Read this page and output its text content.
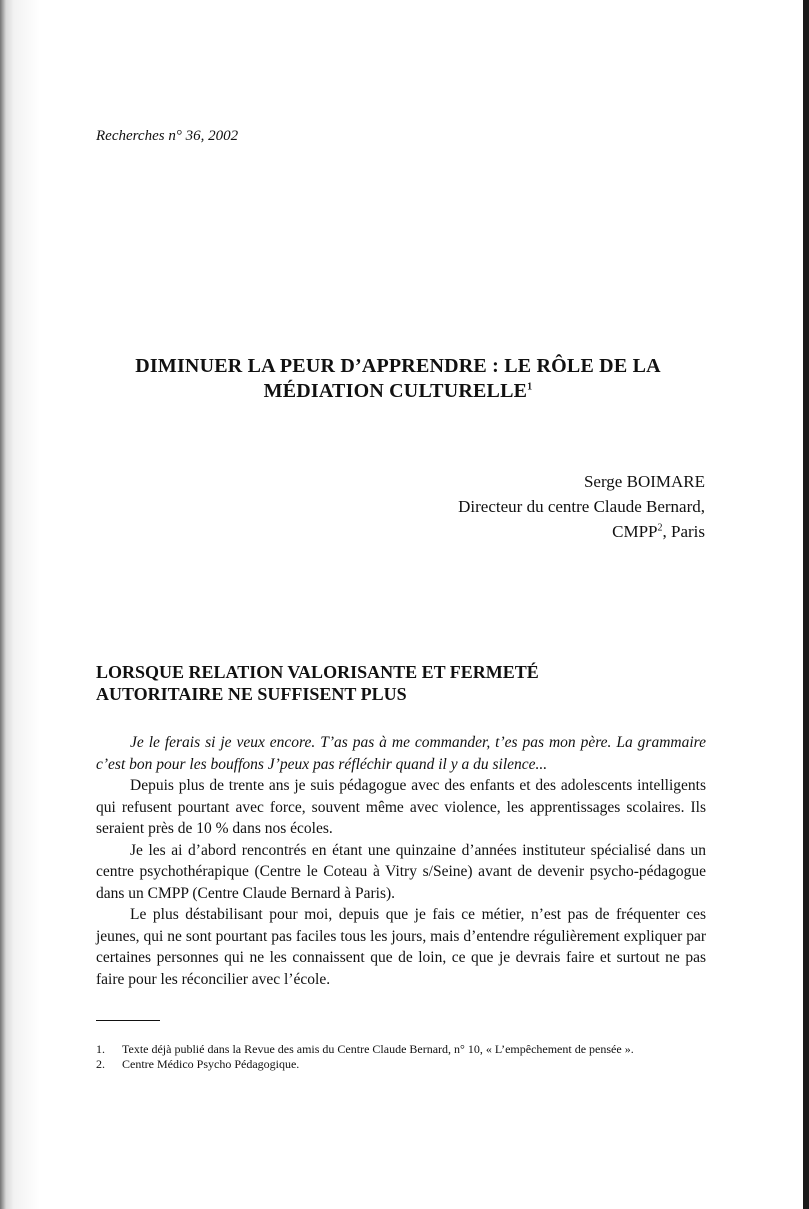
Recherches n° 36, 2002
DIMINUER LA PEUR D’APPRENDRE : LE RÔLE DE LA
MÉDIATION CULTURELLE$^1$
Serge BOIMARE
Directeur du centre Claude Bernard,
CMPP$^2$, Paris
LORSQUE RELATION VALORISANTE ET FERMETÉ
AUTORITAIRE NE SUFFISENT PLUS

Je le ferais si je veux encore. T’as pas à me commander, t’es pas mon père. La grammaire c’est bon pour les bouffons J’peux pas réfléchir quand il y a du silence...

Depuis plus de trente ans je suis pédagogue avec des enfants et des adolescents intelligents qui refusent pourtant avec force, souvent même avec violence, les apprentissages scolaires. Ils seraient près de 10 % dans nos écoles.

Je les ai d’abord rencontrés en étant une quinzaine d’années instituteur spécialisé dans un centre psychothérapique (Centre le Coteau à Vitry s/Seine) avant de devenir psycho-pédagogue dans un CMPP (Centre Claude Bernard à Paris).

Le plus déstabilisant pour moi, depuis que je fais ce métier, n’est pas de fréquenter ces jeunes, qui ne sont pourtant pas faciles tous les jours, mais d’entendre régulièrement expliquer par certaines personnes qui ne les connaissent que de loin, ce que je devrais faire et surtout ne pas faire pour les réconcilier avec l’école.

1.	Texte déjà publié dans la Revue des amis du Centre Claude Bernard, n° 10, « L’empêchement de pensée ».
2.	Centre Médico Psycho Pédagogique.
